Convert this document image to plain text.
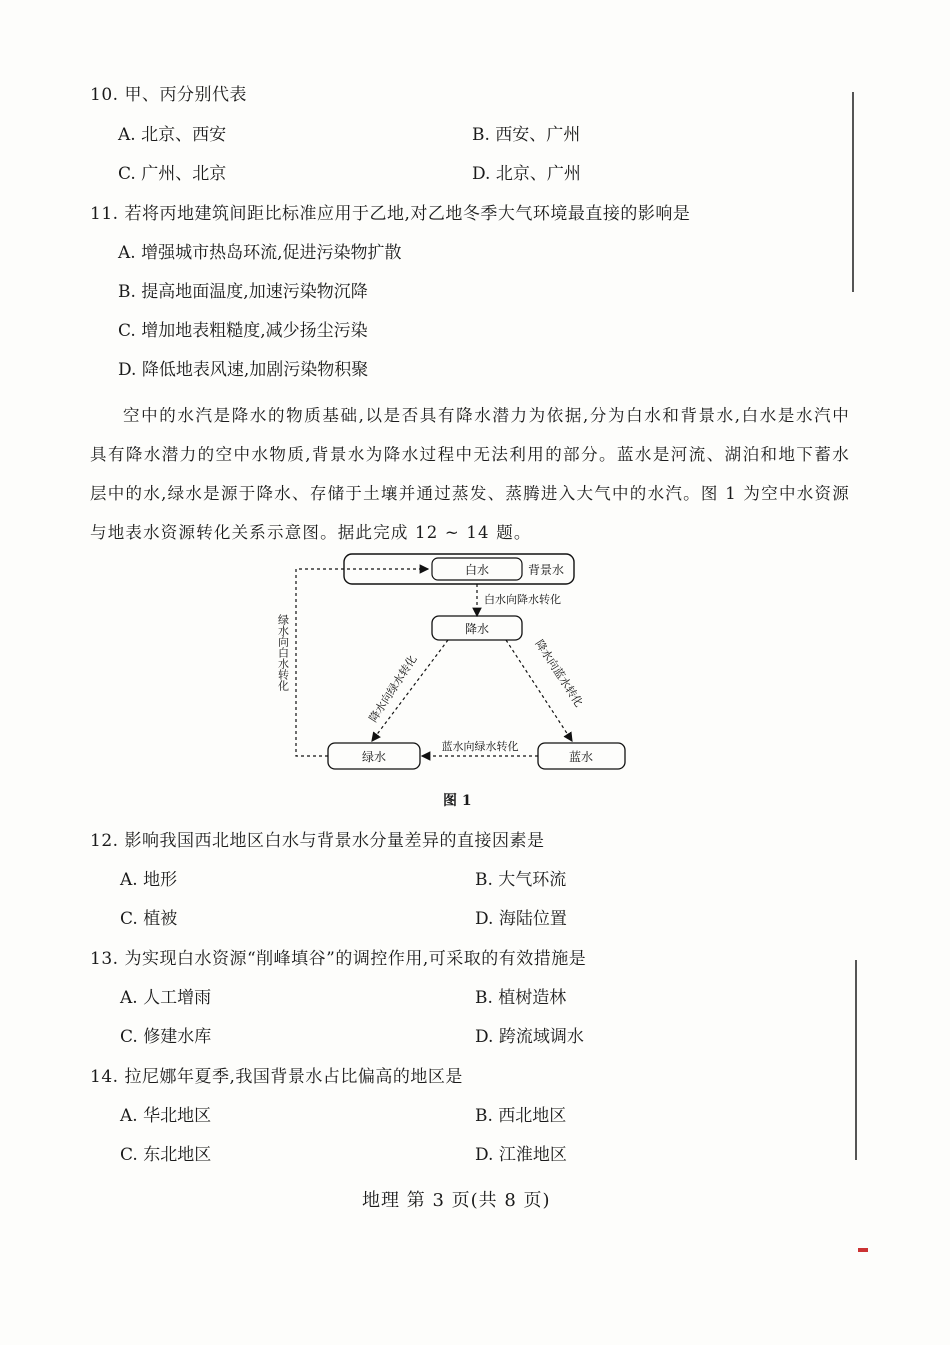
10. 甲、丙分别代表
A. 北京、西安	B. 西安、广州
C. 广州、北京	D. 北京、广州
11. 若将丙地建筑间距比标准应用于乙地,对乙地冬季大气环境最直接的影响是
A. 增强城市热岛环流,促进污染物扩散
B. 提高地面温度,加速污染物沉降
C. 增加地表粗糙度,减少扬尘污染
D. 降低地表风速,加剧污染物积聚

空中的水汽是降水的物质基础,以是否具有降水潜力为依据,分为白水和背景水,白水是水汽中具有降水潜力的空中水物质,背景水为降水过程中无法利用的部分。蓝水是河流、湖泊和地下蓄水层中的水,绿水是源于降水、存储于土壤并通过蒸发、蒸腾进入大气中的水汽。图 1 为空中水资源与地表水资源转化关系示意图。据此完成 12 ~ 14 题。

白水	背景水
白水向降水转化
降水
降水向绿水转化	降水向蓝水转化
绿水	蓝水
蓝水向绿水转化
绿水向白水转化
图 1
12. 影响我国西北地区白水与背景水分量差异的直接因素是
A. 地形	B. 大气环流
C. 植被	D. 海陆位置
13. 为实现白水资源“削峰填谷”的调控作用,可采取的有效措施是
A. 人工增雨	B. 植树造林
C. 修建水库	D. 跨流域调水
14. 拉尼娜年夏季,我国背景水占比偏高的地区是
A. 华北地区	B. 西北地区
C. 东北地区	D. 江淮地区
地理 第 3 页(共 8 页)
